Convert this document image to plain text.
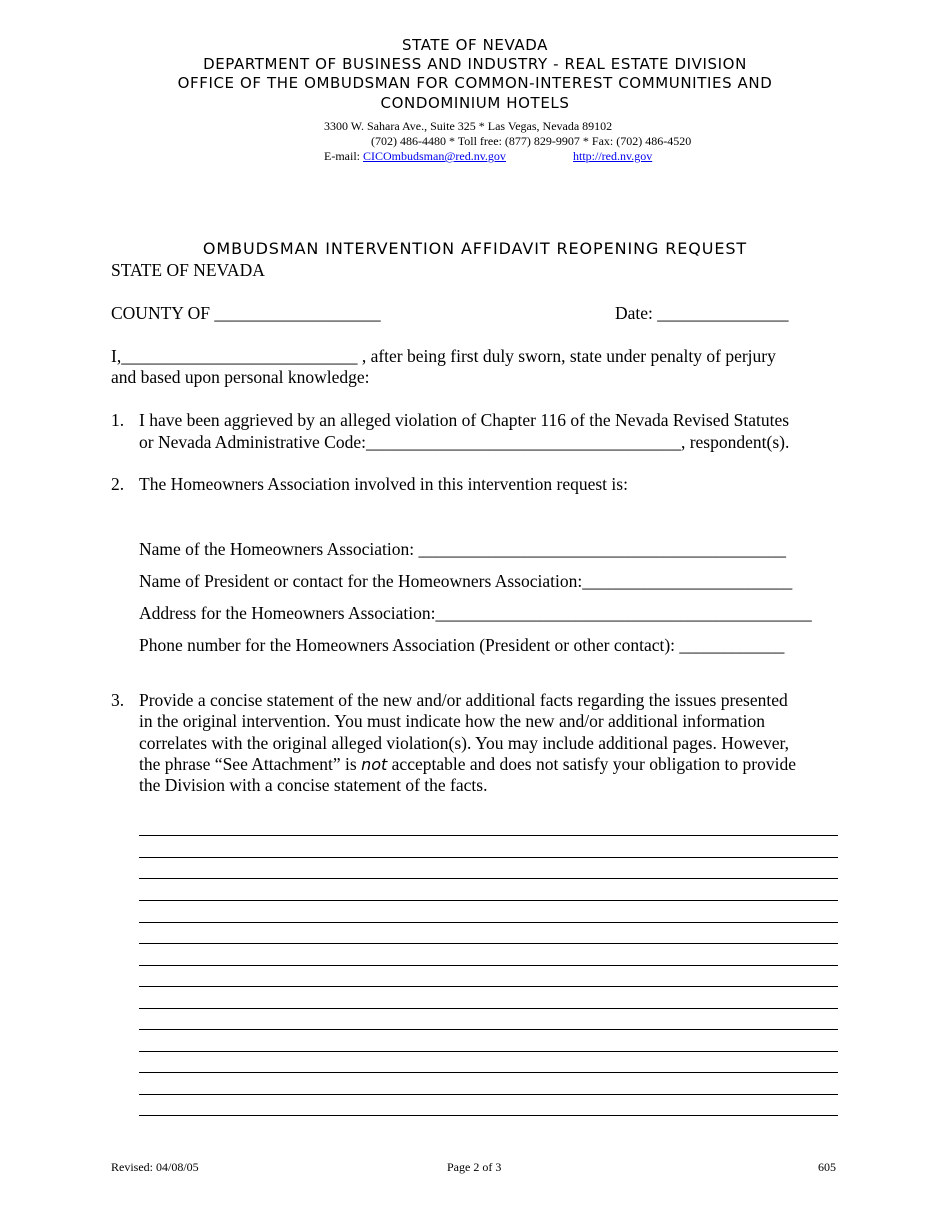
STATE OF NEVADA
DEPARTMENT OF BUSINESS AND INDUSTRY - REAL ESTATE DIVISION
OFFICE OF THE OMBUDSMAN FOR COMMON-INTEREST COMMUNITIES AND
CONDOMINIUM HOTELS
3300 W. Sahara Ave., Suite 325 * Las Vegas, Nevada 89102
(702) 486-4480 * Toll free: (877) 829-9907 * Fax: (702) 486-4520
E-mail: CICOmbudsman@red.nv.gov	http://red.nv.gov
OMBUDSMAN INTERVENTION AFFIDAVIT REOPENING REQUEST
STATE OF NEVADA
COUNTY OF ___________________	Date: _______________
I,___________________________ , after being first duly sworn, state under penalty of perjury
and based upon personal knowledge:
1. I have been aggrieved by an alleged violation of Chapter 116 of the Nevada Revised Statutes
or Nevada Administrative Code:____________________________________, respondent(s).
2. The Homeowners Association involved in this intervention request is:
Name of the Homeowners Association: __________________________________________
Name of President or contact for the Homeowners Association:________________________
Address for the Homeowners Association:___________________________________________
Phone number for the Homeowners Association (President or other contact): ____________
3. Provide a concise statement of the new and/or additional facts regarding the issues presented
in the original intervention. You must indicate how the new and/or additional information
correlates with the original alleged violation(s). You may include additional pages. However,
the phrase “See Attachment” is not acceptable and does not satisfy your obligation to provide
the Division with a concise statement of the facts.
Revised: 04/08/05	Page 2 of 3	605
